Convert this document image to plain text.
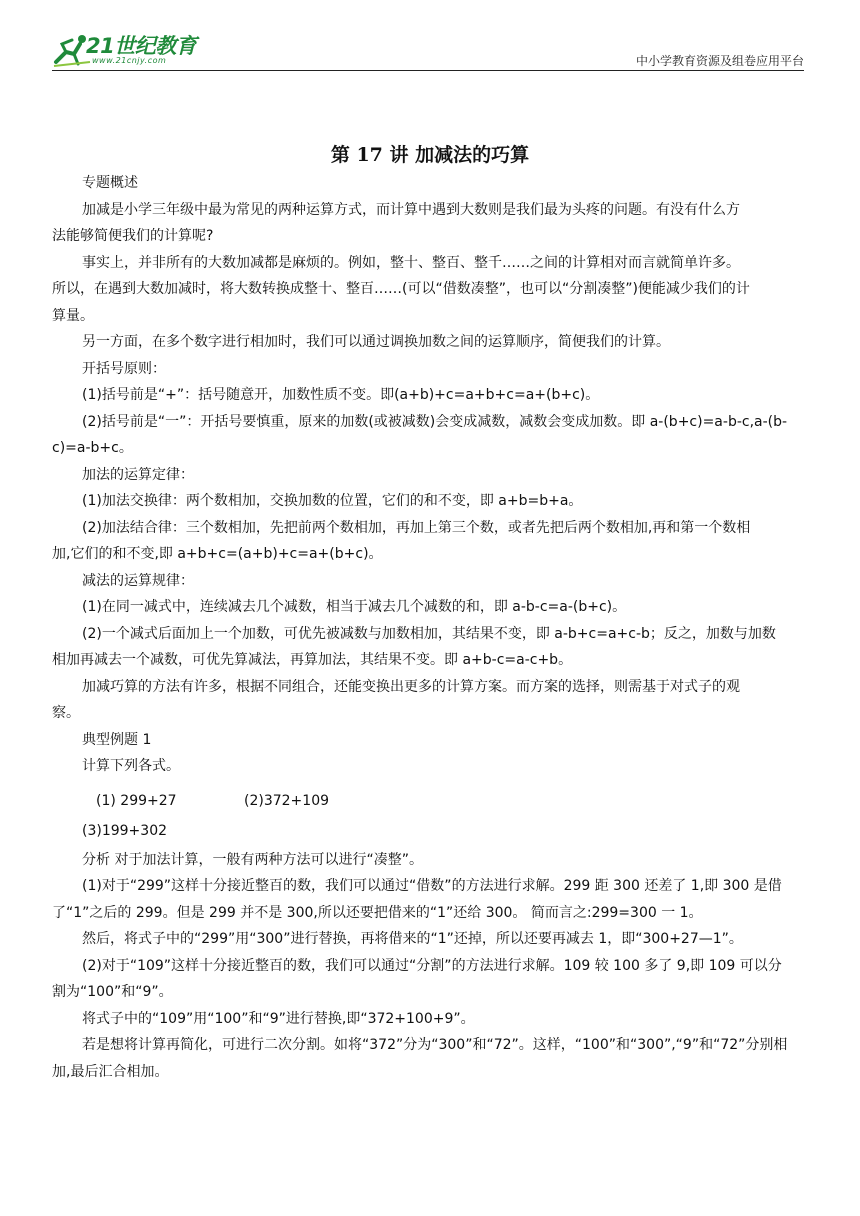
21世纪教育
www.21cnjy.com	中小学教育资源及组卷应用平台
第 17 讲 加减法的巧算
专题概述
加减是小学三年级中最为常见的两种运算方式，而计算中遇到大数则是我们最为头疼的问题。有没有什么方
法能够简便我们的计算呢?
事实上，并非所有的大数加减都是麻烦的。例如，整十、整百、整千……之间的计算相对而言就简单许多。
所以，在遇到大数加减时，将大数转换成整十、整百……(可以“借数凑整”，也可以“分割凑整”)便能减少我们的计
算量。
另一方面，在多个数字进行相加时，我们可以通过调换加数之间的运算顺序，简便我们的计算。
开括号原则：
(1)括号前是“+”：括号随意开，加数性质不变。即(a+b)+c=a+b+c=a+(b+c)。
(2)括号前是“一”：开括号要慎重，原来的加数(或被减数)会变成减数，减数会变成加数。即 a-(b+c)=a-b-c,a-(b-
c)=a-b+c。
加法的运算定律：
(1)加法交换律：两个数相加，交换加数的位置，它们的和不变，即 a+b=b+a。
(2)加法结合律：三个数相加，先把前两个数相加，再加上第三个数，或者先把后两个数相加,再和第一个数相
加,它们的和不变,即 a+b+c=(a+b)+c=a+(b+c)。
减法的运算规律：
(1)在同一减式中，连续减去几个减数，相当于减去几个减数的和，即 a-b-c=a-(b+c)。
(2)一个减式后面加上一个加数，可优先被减数与加数相加，其结果不变，即 a-b+c=a+c-b；反之，加数与加数
相加再减去一个减数，可优先算减法，再算加法，其结果不变。即 a+b-c=a-c+b。
加减巧算的方法有许多，根据不同组合，还能变换出更多的计算方案。而方案的选择，则需基于对式子的观
察。
典型例题 1
计算下列各式。
(1) 299+27	(2)372+109
(3)199+302
分析 对于加法计算，一般有两种方法可以进行“凑整”。
(1)对于“299”这样十分接近整百的数，我们可以通过“借数”的方法进行求解。299 距 300 还差了 1,即 300 是借
了“1”之后的 299。但是 299 并不是 300,所以还要把借来的“1”还给 300。 简而言之:299=300 一 1。
然后，将式子中的“299”用“300”进行替换，再将借来的“1”还掉，所以还要再减去 1，即“300+27—1”。
(2)对于“109”这样十分接近整百的数，我们可以通过“分割”的方法进行求解。109 较 100 多了 9,即 109 可以分
割为“100”和“9”。
将式子中的“109”用“100”和“9”进行替换,即“372+100+9”。
若是想将计算再简化，可进行二次分割。如将“372”分为“300”和“72”。这样，“100”和“300”,“9”和“72”分别相
加,最后汇合相加。
